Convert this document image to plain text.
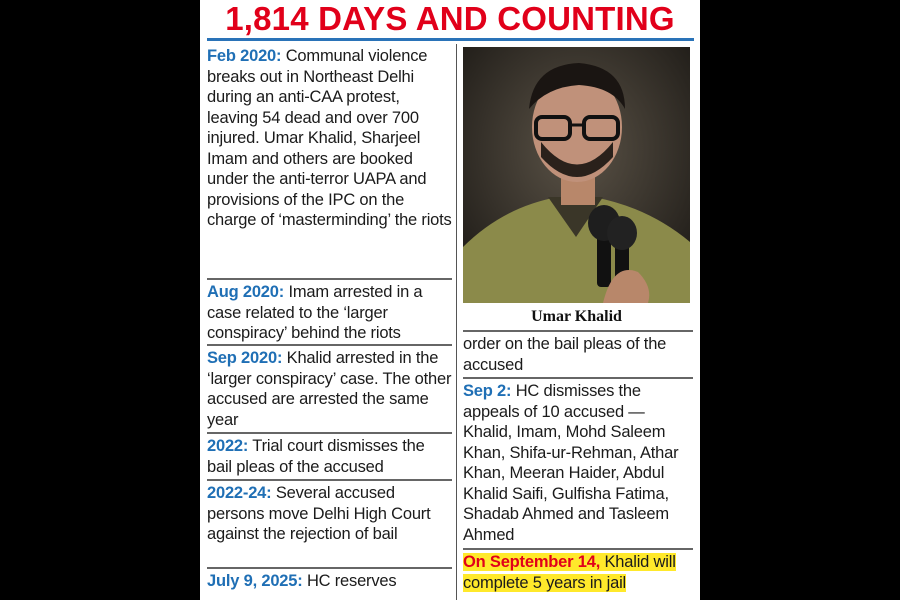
1,814 DAYS AND COUNTING
Feb 2020: Communal violence breaks out in Northeast Delhi during an anti-CAA protest, leaving 54 dead and over 700 injured. Umar Khalid, Sharjeel Imam and others are booked under the anti-terror UAPA and provisions of the IPC on the charge of ‘masterminding’ the riots
Aug 2020: Imam arrested in a case related to the ‘larger conspiracy’ behind the riots
Sep 2020: Khalid arrested in the ‘larger conspiracy’ case. The other accused are arrested the same year
2022: Trial court dismisses the bail pleas of the accused
2022-24: Several accused persons move Delhi High Court against the rejection of bail
July 9, 2025: HC reserves
Umar Khalid
order on the bail pleas of the accused
Sep 2: HC dismisses the appeals of 10 accused — Khalid, Imam, Mohd Saleem Khan, Shifa-ur-Rehman, Athar Khan, Meeran Haider, Abdul Khalid Saifi, Gulfisha Fatima, Shadab Ahmed and Tasleem Ahmed
On September 14, Khalid will complete 5 years in jail
